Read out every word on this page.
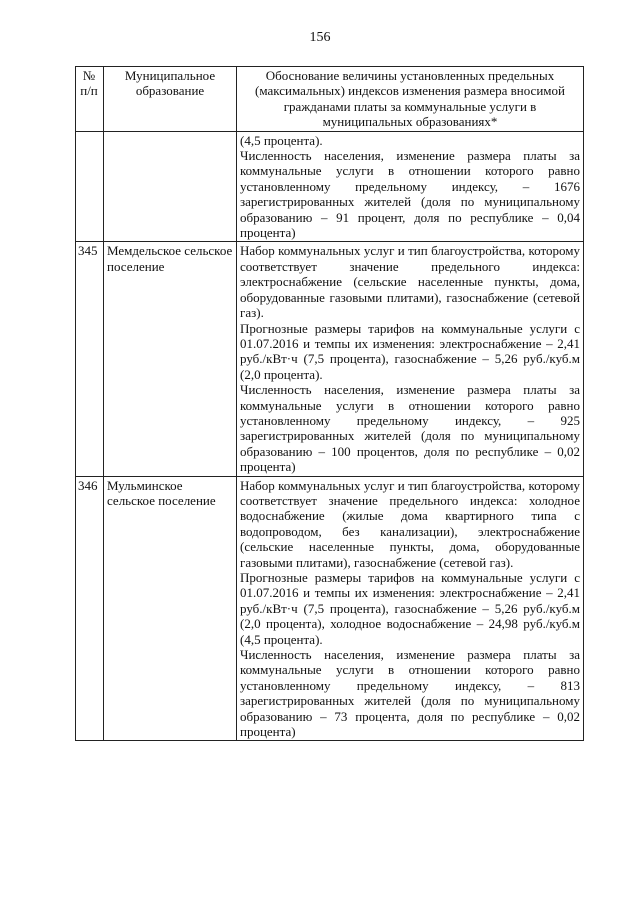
156
№ п/п	Муниципальное образование	Обоснование величины установленных предельных (максимальных) индексов изменения размера вносимой гражданами платы за коммунальные услуги в муниципальных образованиях*

		(4,5 процента).
Численность населения, изменение размера платы за коммунальные услуги в отношении которого равно установленному предельному индексу, – 1676 зарегистрированных жителей (доля по муниципальному образованию – 91 процент, доля по республике – 0,04 процента)

345	Мемдельское сельское поселение	Набор коммунальных услуг и тип благоустройства, которому соответствует значение предельного индекса: электроснабжение (сельские населенные пункты, дома, оборудованные газовыми плитами), газоснабжение (сетевой газ).
Прогнозные размеры тарифов на коммунальные услуги с 01.07.2016 и темпы их изменения: электроснабжение – 2,41 руб./кВт·ч (7,5 процента), газоснабжение – 5,26 руб./куб.м (2,0 процента).
Численность населения, изменение размера платы за коммунальные услуги в отношении которого равно установленному предельному индексу, – 925 зарегистрированных жителей (доля по муниципальному образованию – 100 процентов, доля по республике – 0,02 процента)

346	Мульминское сельское поселение	Набор коммунальных услуг и тип благоустройства, которому соответствует значение предельного индекса: холодное водоснабжение (жилые дома квартирного типа с водопроводом, без канализации), электроснабжение (сельские населенные пункты, дома, оборудованные газовыми плитами), газоснабжение (сетевой газ).
Прогнозные размеры тарифов на коммунальные услуги с 01.07.2016 и темпы их изменения: электроснабжение – 2,41 руб./кВт·ч (7,5 процента), газоснабжение – 5,26 руб./куб.м (2,0 процента), холодное водоснабжение – 24,98 руб./куб.м (4,5 процента).
Численность населения, изменение размера платы за коммунальные услуги в отношении которого равно установленному предельному индексу, – 813 зарегистрированных жителей (доля по муниципальному образованию – 73 процента, доля по республике – 0,02 процента)
